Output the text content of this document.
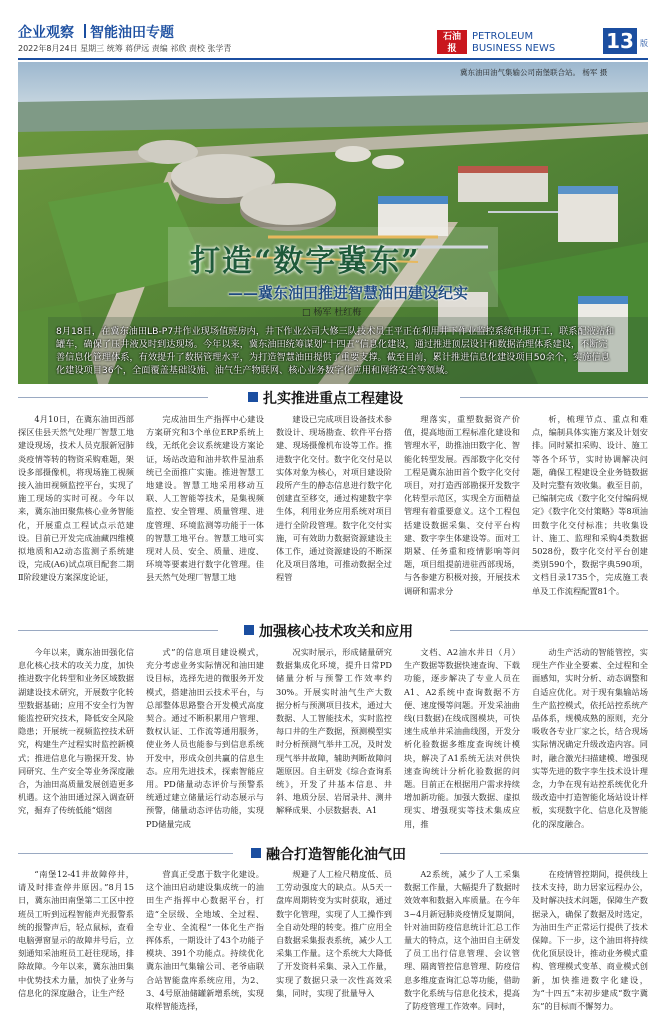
企业观察 智能油田专题
2022年8月24日 星期三 统筹 蒋伊远 责编 祁欣 责校 张学青
石油
报
PETROLEUM
BUSINESS NEWS	13 版
冀东油田油气集输公司南堡联合站。 杨军 摄
打造“数字冀东”
——冀东油田推进智慧油田建设纪实
□ 杨军 杜红梅
8月18日，在冀东油田LB-P7井作业现场值班房内，井下作业公司大修三队技术员王平正在利用井下作业监控系统申报开工，联系配液站和罐车，确保了压井液及时到达现场。今年以来，冀东油田统筹谋划“十四五”信息化建设，通过推进顶层设计和数据治理体系建设，不断完善信息化管理体系，有效提升了数据管理水平，为打造智慧油田提供了重要支撑。截至目前，累计推进信息化建设项目50余个，实施信息化建设项目36个，全面覆盖基础设施、油气生产物联网、核心业务数字化应用和网络安全等领域。
扎实推进重点工程建设

4月10日，在冀东油田西部探区佳县天然气处理厂智慧工地建设现场，技术人员克服新冠肺炎疫情等转的物资采购难题，架设多部摄像机，将现场施工视频接入油田视频监控平台，实现了施工现场的实时可视。今年以来，冀东油田聚焦核心业务智能化，开展重点工程试点示范建设。目前已开发完成油藏四维模拟地质和A2动态监测子系统建设，完成(A6)试点项目配套二期Ⅱ阶段建设方案深度论证，

完成油田生产指挥中心建设方案研究和3个单位ERP系统上线，无纸化会议系统建设方案论证，场站改造和油井软件星油系统已全面推广实施。推进智慧工地建设。智慧工地采用移动互联、人工智能等技术，是集视频监控、安全管理、质量管理、进度管理、环境监测等功能于一体的智慧工地平台。智慧工地可实现对人员、安全、质量、进度、环境等要素进行数字化管理。佳县天然气处理厂智慧工地

建设已完成项目设备技术参数设计、现场勘查、软件平台搭建、现场摄像机布设等工作。推进数字化交付。数字化交付是以实体对象为核心，对项目建设阶段所产生的静态信息进行数字化创建直至移交，通过构建数字孪生体，利用业务应用系统对项目进行全阶段管理。数字化交付实施，可有效助力数据资源建设主体工作，通过资源建设的不断深化及项目落地，可推动数据全过程管

理落实，重塑数据资产价值，提高地面工程标准化建设和管理水平，助推油田数字化、智能化转型发展。西部数字化交付工程是冀东油田首个数字化交付项目，对打造西部勘探开发数字化转型示范区，实现全方面精益管理有着重要意义。这个工程包括建设数据采集、交付平台构建、数字孪生体建设等。面对工期紧、任务重和疫情影响等问题，项目组提前进驻西部现场，与各参建方积极对接，开展技术调研和需求分

析，梳理节点、重点和难点，编制具体实施方案及计划安排。同时紧扣采购、设计、施工等各个环节，实时协调解决问题，确保工程建设全业务链数据及时完整有效收集。截至目前，已编制完成《数字化交付编码规定》《数字化交付策略》等8项油田数字化交付标准；共收集设计、施工、监理和采购4类数据5028份，数字化交付平台创建类别590个，数据字典590项，文档目录1735个，完成施工表单及工作流程配置81个。

加强核心技术攻关和应用

今年以来，冀东油田强化信息化核心技术的攻关力度，加快推进数字化转型和业务区域数据湖建设技术研究，开展数字化转型数据基础；应用不安全行为智能监控研究技术，降低安全风险隐患；开展统一视频监控技术研究，构建生产过程实时监控新模式；推进信息化与勘探开发、协同研究、生产安全等业务深度融合，为油田高质量发展创造更多机遇。这个油田通过深入调查研究，掘弃了传统低能“烟囱

式”的信息项目建设模式，充分考虑业务实际情况和油田建设目标，选择先进的微服务开发模式，搭建油田云技术平台，与总部整体思路整合开发模式高度契合。通过不断积累用户管理、数权认证、工作流等通用服务，使业务人员也能参与到信息系统开发中，形成众创共赢的信息生态。应用先进技术，探索智能应用。PD储量动态评价与预警系统通过建立储量运行动态展示与预警，储量动态评估功能，实现PD储量完成

况实时展示，形成储量研究数据集成化环境，提升日常PD储量分析与预警工作效率约30%。开展实时油气生产大数据分析与预测项目技术，通过大数据、人工智能技术，实时监控每口井的生产数据，预测模型实时分析预测气举井工况，及时发现气举井故障，辅助判断故障问题原因。自主研发《综合查询系统》，开发了井基本信息、井斜、地质分层、岩屑录井、测井解释成果、小层数据表、A1

文档、A2油水井日（月）生产数据等数据快速查询、下载功能，逐步解决了专业人员在A1、A2系统中查询数据不方便、速度慢等问题。开发采油曲线(日数据)在线成图模块，可快速生成单井采油曲线图，开发分析化验数据多维度查询统计模块，解决了A1系统无法对供快速查询统计分析化验数据的问题。目前正在根据用户需求持续增加新功能。加强大数据、虚拟现实、增强现实等技术集成应用，推

动生产活动的智能管控，实现生产作业全要素、全过程和全面感知，实时分析、动态调整和自适应优化。对于现有集输站场生产监控模式，依托站控系统产品体系，规模成熟的原则，充分吸收各专业厂家之长，结合现场实际情况确定升级改造内容。同时，融合激光扫描建模、增强现实等先进的数字孪生技术设计理念，力争在现有站控系统优化升级改造中打造智能化场站设计样板，实现数字化、信息化及智能化的深度融合。

融合打造智能化油气田

“南堡12-41井故障停井，请及时排查停井原因。”8月15日，冀东油田南堡第二工区中控班员工听到远程智能声光报警系统的报警声后，轻点鼠标，查看电脑弹窗显示的故障井号后，立刻通知采油班员工赶往现场，排除故障。今年以来，冀东油田集中优势技术力量，加快了业务与信息化的深度融合，让生产经

营真正受惠于数字化建设。这个油田启动建设集成统一的油田生产指挥中心数据平台，打造“全层级、全地域、全过程、全专业、全流程”一体化生产指挥体系，一期设计了43个功能子模块、391个功能点。持续优化冀东油田气集输公司、老爷庙联合站智能盘库系统应用，为2、3、4号原油储罐新增系统，实现取样智能选择，

规避了人工检尺精度低、员工劳动强度大的缺点。从5天一盘库周期转变为实时获取，通过数字化管理，实现了人工操作到全自动处理的转变。推广应用全自数据采集报表系统，减少人工采集工作量。这个系统大大降低了开发资料采集、录入工作量，实现了数据只录一次性高效采集，同时，实现了批量导入

A2系统，减少了人工采集数据工作量，大幅提升了数据时效效率和数据入库质量。在今年3~4月新冠肺炎疫情反复期间，针对油田防疫信息统计汇总工作量大的特点，这个油田自主研发了员工出行信息管理、会议管理、隔离管控信息管理、防疫信息多维度查询汇总等功能，借助数字化系统与信息化技术，提高了防疫管理工作效率。同时，

在疫情管控期间，提供线上技术支持，助力居家远程办公，及时解决技术问题，保障生产数据录入，确保了数据及时选定，为油田生产正常运行提供了技术保障。下一步，这个油田将持续优化顶层设计，推动业务模式重构、管理模式变革、商业模式创新，加快推进数字化建设，为“十四五”末初步建成“数字冀东”的目标而不懈努力。
